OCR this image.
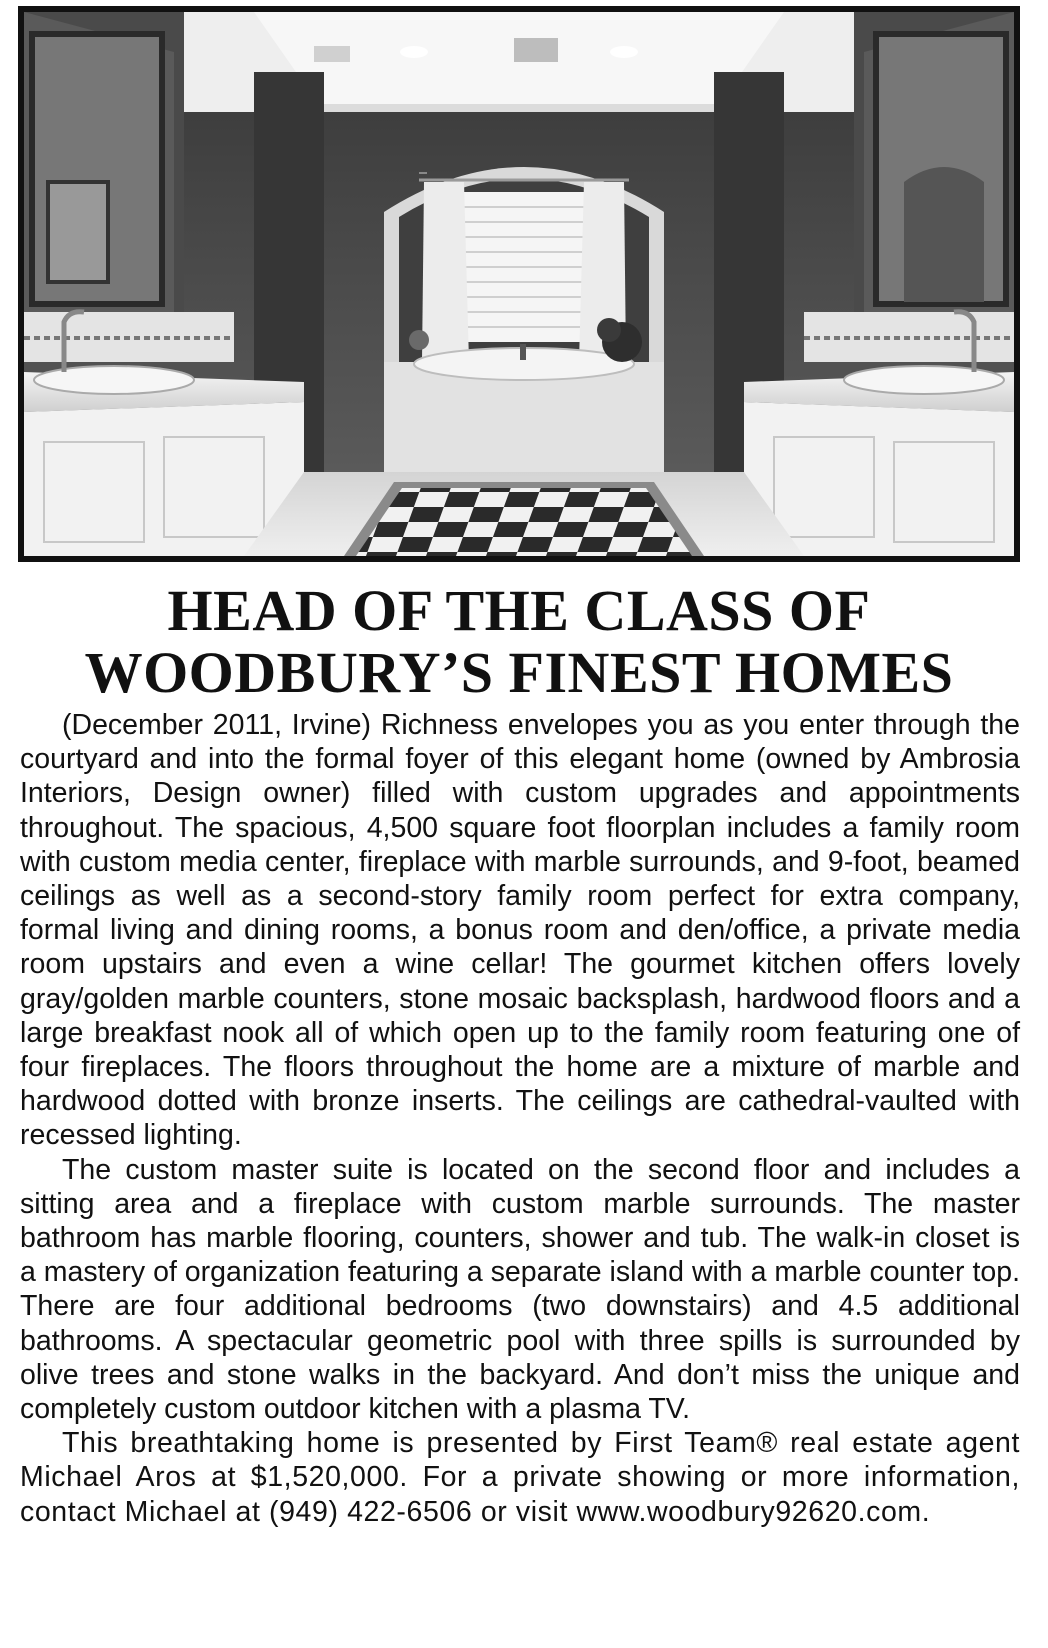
HEAD OF THE CLASS OF
WOODBURY’S FINEST HOMES

(December 2011, Irvine) Richness envelopes you as you enter through the courtyard and into the formal foyer of this elegant home (owned by Ambrosia Interiors, Design owner) filled with custom upgrades and appointments throughout. The spacious, 4,500 square foot floorplan includes a family room with custom media center, fireplace with marble surrounds, and 9-foot, beamed ceilings as well as a second-story family room perfect for extra company, formal living and dining rooms, a bonus room and den/office, a private media room upstairs and even a wine cellar! The gourmet kitchen offers lovely gray/golden marble counters, stone mosaic backsplash, hardwood floors and a large breakfast nook all of which open up to the family room featuring one of four fireplaces. The floors throughout the home are a mixture of marble and hardwood dotted with bronze inserts. The ceilings are cathedral-vaulted with recessed lighting.

The custom master suite is located on the second floor and includes a sitting area and a fireplace with custom marble surrounds. The master bathroom has marble flooring, counters, shower and tub. The walk-in closet is a mastery of organization featuring a separate island with a marble counter top. There are four additional bedrooms (two downstairs) and 4.5 additional bathrooms. A spectacular geometric pool with three spills is surrounded by olive trees and stone walks in the backyard. And don’t miss the unique and completely custom outdoor kitchen with a plasma TV.

This breathtaking home is presented by First Team® real estate agent Michael Aros at $1,520,000. For a private showing or more information, contact Michael at (949) 422-6506 or visit www.woodbury92620.com.
